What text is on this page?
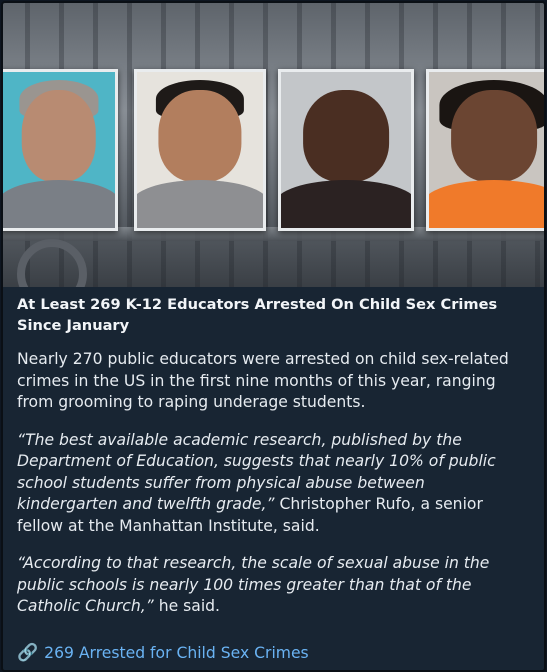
At Least 269 K-12 Educators Arrested On Child Sex Crimes Since January

Nearly 270 public educators were arrested on child sex-related crimes in the US in the first nine months of this year, ranging from grooming to raping underage students.

“The best available academic research, published by the Department of Education, suggests that nearly 10% of public school students suffer from physical abuse between kindergarten and twelfth grade,” Christopher Rufo, a senior fellow at the Manhattan Institute, said.

“According to that research, the scale of sexual abuse in the public schools is nearly 100 times greater than that of the Catholic Church,” he said.

🔗 269 Arrested for Child Sex Crimes
